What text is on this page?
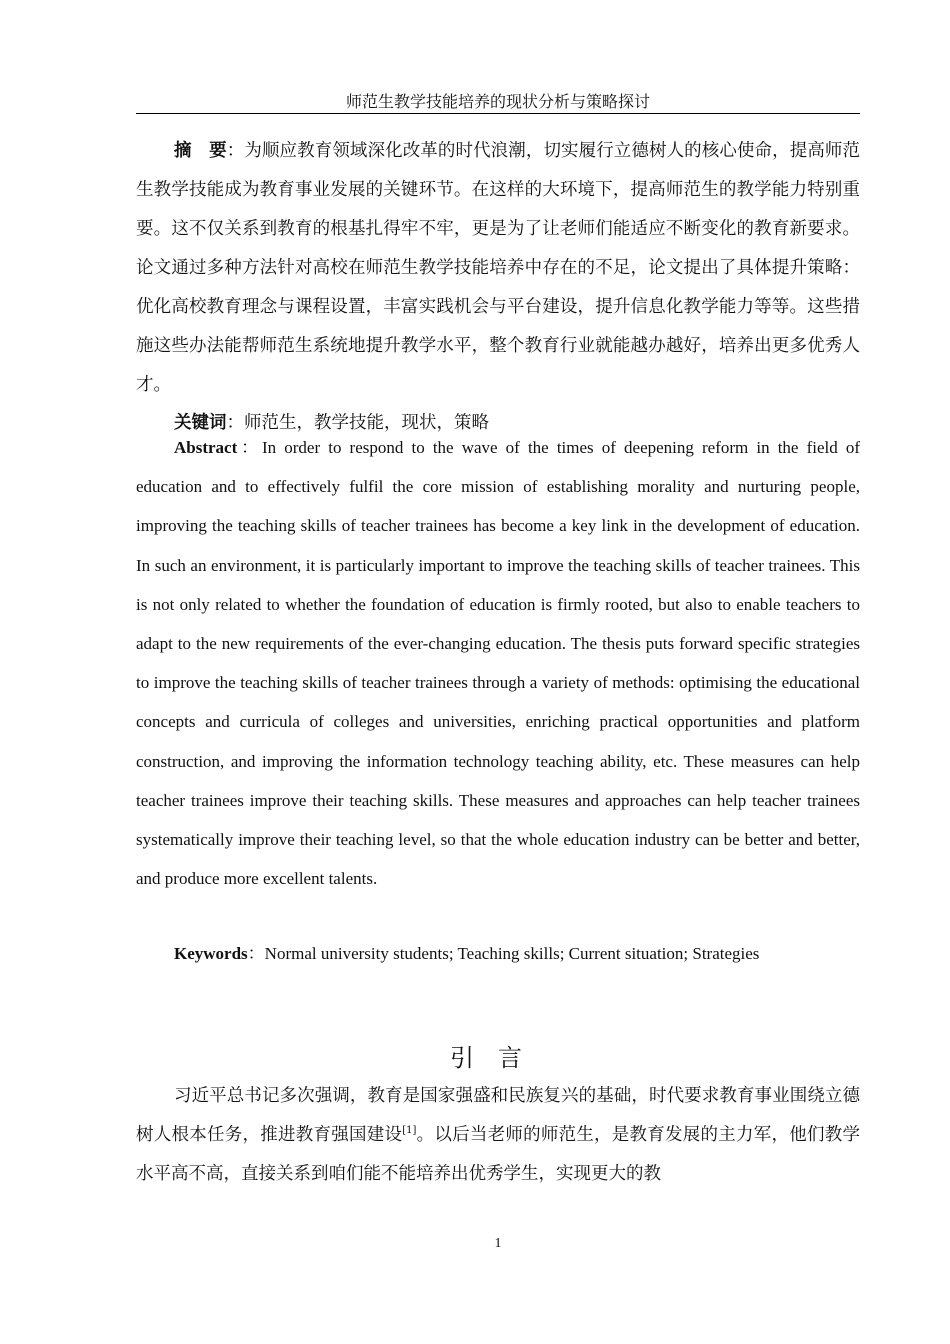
师范生教学技能培养的现状分析与策略探讨

摘　要：为顺应教育领域深化改革的时代浪潮，切实履行立德树人的核心使命，提高师范生教学技能成为教育事业发展的关键环节。在这样的大环境下，提高师范生的教学能力特别重要。这不仅关系到教育的根基扎得牢不牢，更是为了让老师们能适应不断变化的教育新要求。论文通过多种方法针对高校在师范生教学技能培养中存在的不足，论文提出了具体提升策略：优化高校教育理念与课程设置，丰富实践机会与平台建设，提升信息化教学能力等等。这些措施这些办法能帮师范生系统地提升教学水平，整个教育行业就能越办越好，培养出更多优秀人才。

关键词：师范生，教学技能，现状，策略

Abstract：In order to respond to the wave of the times of deepening reform in the field of education and to effectively fulfil the core mission of establishing morality and nurturing people, improving the teaching skills of teacher trainees has become a key link in the development of education. In such an environment, it is particularly important to improve the teaching skills of teacher trainees. This is not only related to whether the foundation of education is firmly rooted, but also to enable teachers to adapt to the new requirements of the ever-changing education. The thesis puts forward specific strategies to improve the teaching skills of teacher trainees through a variety of methods: optimising the educational concepts and curricula of colleges and universities, enriching practical opportunities and platform construction, and improving the information technology teaching ability, etc. These measures can help teacher trainees improve their teaching skills. These measures and approaches can help teacher trainees systematically improve their teaching level, so that the whole education industry can be better and better, and produce more excellent talents.

Keywords：Normal university students; Teaching skills; Current situation; Strategies

引言

习近平总书记多次强调，教育是国家强盛和民族复兴的基础，时代要求教育事业围绕立德树人根本任务，推进教育强国建设[1]。以后当老师的师范生，是教育发展的主力军，他们教学水平高不高，直接关系到咱们能不能培养出优秀学生，实现更大的教

1
